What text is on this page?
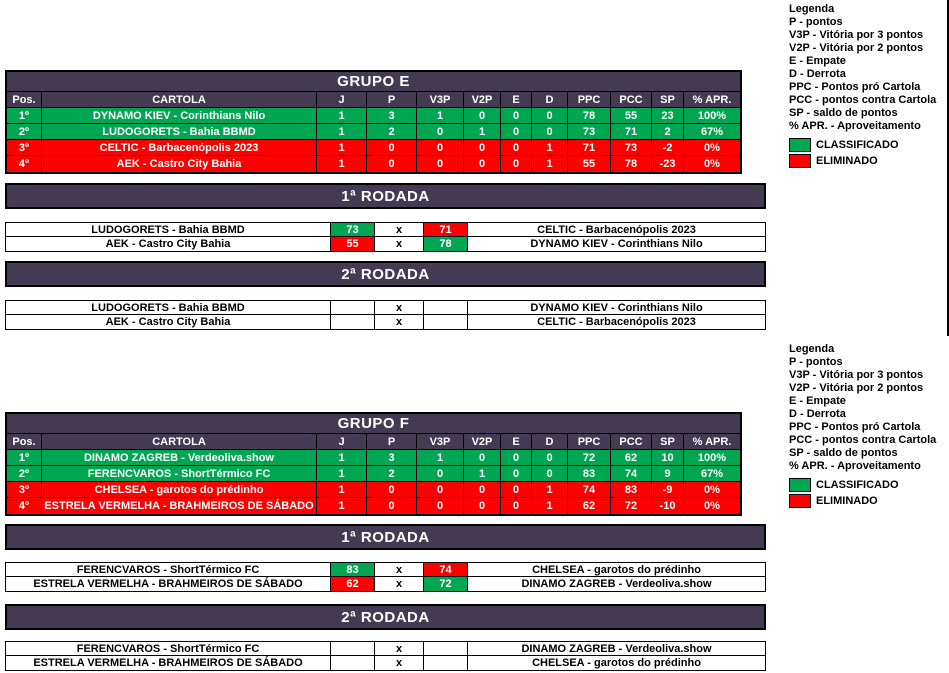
GRUPO E
Pos.	CARTOLA	J	P	V3P	V2P	E	D	PPC	PCC	SP	% APR.
1º	DYNAMO KIEV - Corinthians Nilo	1	3	1	0	0	0	78	55	23	100%
2º	LUDOGORETS - Bahia BBMD	1	2	0	1	0	0	73	71	2	67%
3º	CELTIC - Barbacenópolis 2023	1	0	0	0	0	1	71	73	-2	0%
4º	AEK - Castro City Bahia	1	0	0	0	0	1	55	78	-23	0%
1ª RODADA
LUDOGORETS - Bahia BBMD	73	x	71	CELTIC - Barbacenópolis 2023
AEK - Castro City Bahia	55	x	78	DYNAMO KIEV - Corinthians Nilo
2ª RODADA
LUDOGORETS - Bahia BBMD	x	DYNAMO KIEV - Corinthians Nilo
AEK - Castro City Bahia	x	CELTIC - Barbacenópolis 2023
GRUPO F
Pos.	CARTOLA	J	P	V3P	V2P	E	D	PPC	PCC	SP	% APR.
1º	DINAMO ZAGREB - Verdeoliva.show	1	3	1	0	0	0	72	62	10	100%
2º	FERENCVAROS - ShortTérmico FC	1	2	0	1	0	0	83	74	9	67%
3º	CHELSEA - garotos do prédinho	1	0	0	0	0	1	74	83	-9	0%
4º	ESTRELA VERMELHA - BRAHMEIROS DE SÁBADO	1	0	0	0	0	1	62	72	-10	0%
1ª RODADA
FERENCVAROS - ShortTérmico FC	83	x	74	CHELSEA - garotos do prédinho
ESTRELA VERMELHA - BRAHMEIROS DE SÁBADO	62	x	72	DINAMO ZAGREB - Verdeoliva.show
2ª RODADA
FERENCVAROS - ShortTérmico FC	x	DINAMO ZAGREB - Verdeoliva.show
ESTRELA VERMELHA - BRAHMEIROS DE SÁBADO	x	CHELSEA - garotos do prédinho
Legenda
P - pontos
V3P - Vitória por 3 pontos
V2P - Vitória por 2 pontos
E - Empate
D - Derrota
PPC - Pontos pró Cartola
PCC - pontos contra Cartola
SP - saldo de pontos
% APR. - Aproveitamento
CLASSIFICADO
ELIMINADO
Legenda
P - pontos
V3P - Vitória por 3 pontos
V2P - Vitória por 2 pontos
E - Empate
D - Derrota
PPC - Pontos pró Cartola
PCC - pontos contra Cartola
SP - saldo de pontos
% APR. - Aproveitamento
CLASSIFICADO
ELIMINADO
